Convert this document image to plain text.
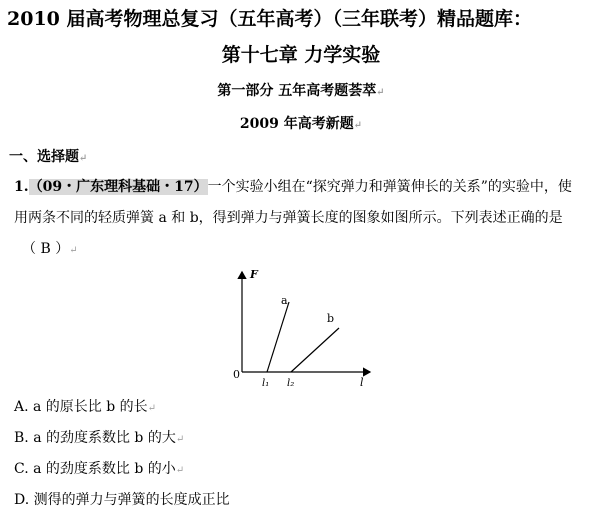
2010 届高考物理总复习（五年高考）（三年联考）精品题库：
第十七章 力学实验
第一部分 五年高考题荟萃↵
2009 年高考新题↵
一、选择题↵
1.（09・广东理科基础・17）一个实验小组在“探究弹力和弹簧伸长的关系”的实验中，使
用两条不同的轻质弹簧 a 和 b，得到弹力与弹簧长度的图象如图所示。下列表述正确的是
（ B ）↵
F
l
0
a
b
l₁ l₂
A. a 的原长比 b 的长↵
B. a 的劲度系数比 b 的大↵
C. a 的劲度系数比 b 的小↵
D. 测得的弹力与弹簧的长度成正比
